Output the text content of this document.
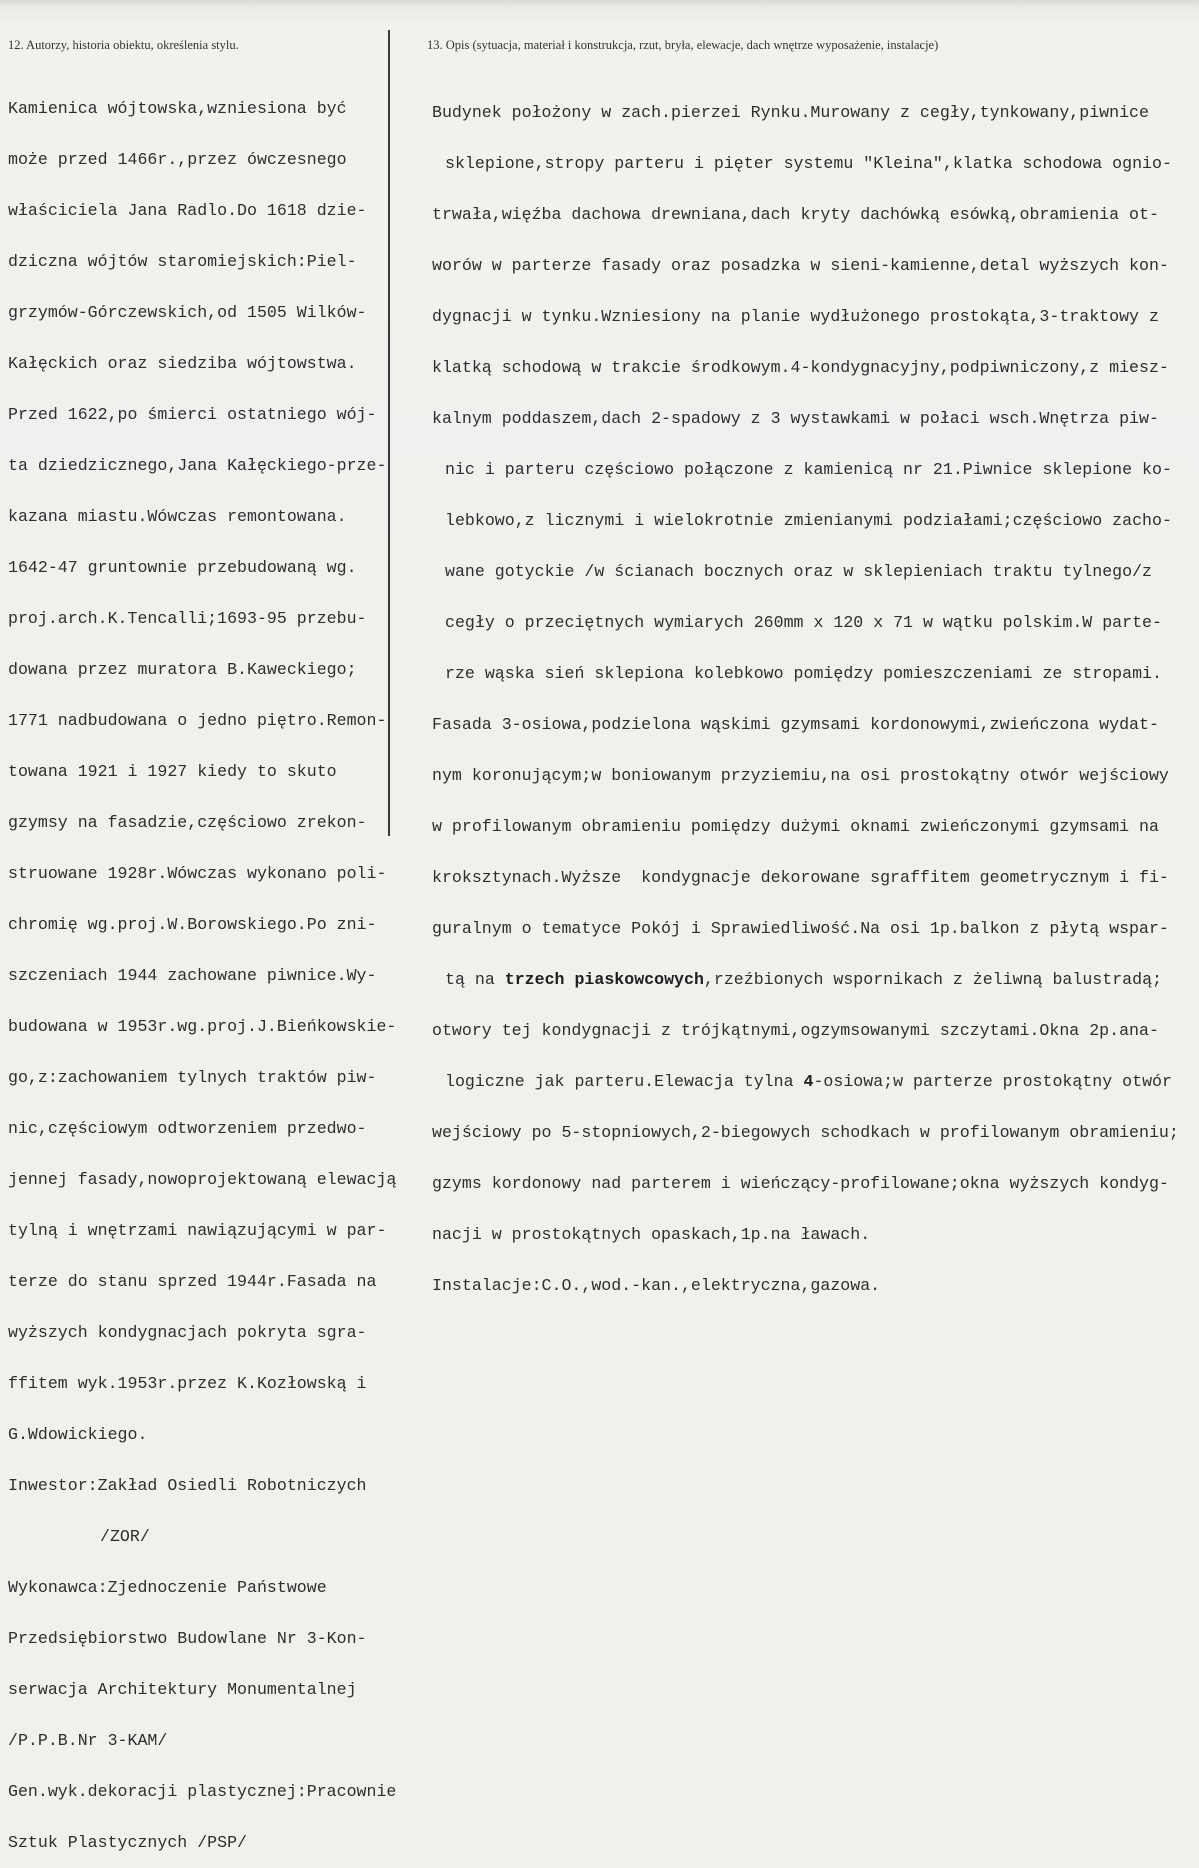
12. Autorzy, historia obiektu, określenia stylu.	13. Opis (sytuacja, materiał i konstrukcja, rzut, bryła, elewacje, dach wnętrze wyposażenie, instalacje)

Kamienica wójtowska,wzniesiona być

może przed 1466r.,przez ówczesnego

właściciela Jana Radlo.Do 1618 dzie-

dziczna wójtów staromiejskich:Piel-

grzymów-Górczewskich,od 1505 Wilków-

Kałęckich oraz siedziba wójtowstwa.

Przed 1622,po śmierci ostatniego wój-

ta dziedzicznego,Jana Kałęckiego-prze-

kazana miastu.Wówczas remontowana.

1642-47 gruntownie przebudowaną wg.

proj.arch.K.Tencalli;1693-95 przebu-

dowana przez muratora B.Kaweckiego;

1771 nadbudowana o jedno piętro.Remon-

towana 1921 i 1927 kiedy to skuto

gzymsy na fasadzie,częściowo zrekon-

struowane 1928r.Wówczas wykonano poli-

chromię wg.proj.W.Borowskiego.Po zni-

szczeniach 1944 zachowane piwnice.Wy-

budowana w 1953r.wg.proj.J.Bieńkowskie-

go,z:zachowaniem tylnych traktów piw-

nic,częściowym odtworzeniem przedwo-

jennej fasady,nowoprojektowaną elewacją

tylną i wnętrzami nawiązującymi w par-

terze do stanu sprzed 1944r.Fasada na

wyższych kondygnacjach pokryta sgra-

ffitem wyk.1953r.przez K.Kozłowską i

G.Wdowickiego.

Inwestor:Zakład Osiedli Robotniczych

/ZOR/

Wykonawca:Zjednoczenie Państwowe

Przedsiębiorstwo Budowlane Nr 3-Kon-

serwacja Architektury Monumentalnej

/P.P.B.Nr 3-KAM/

Gen.wyk.dekoracji plastycznej:Pracownie

Sztuk Plastycznych /PSP/

Budynek położony w zach.pierzei Rynku.Murowany z cegły,tynkowany,piwnice

sklepione,stropy parteru i pięter systemu "Kleina",klatka schodowa ognio-

trwała,więźba dachowa drewniana,dach kryty dachówką esówką,obramienia ot-

worów w parterze fasady oraz posadzka w sieni-kamienne,detal wyższych kon-

dygnacji w tynku.Wzniesiony na planie wydłużonego prostokąta,3-traktowy z

klatką schodową w trakcie środkowym.4-kondygnacyjny,podpiwniczony,z miesz-

kalnym poddaszem,dach 2-spadowy z 3 wystawkami w połaci wsch.Wnętrza piw-

nic i parteru częściowo połączone z kamienicą nr 21.Piwnice sklepione ko-

lebkowo,z licznymi i wielokrotnie zmienianymi podziałami;częściowo zacho-

wane gotyckie /w ścianach bocznych oraz w sklepieniach traktu tylnego/z

cegły o przeciętnych wymiarych 260mm x 120 x 71 w wątku polskim.W parte-

rze wąska sień sklepiona kolebkowo pomiędzy pomieszczeniami ze stropami.

Fasada 3-osiowa,podzielona wąskimi gzymsami kordonowymi,zwieńczona wydat-

nym koronującym;w boniowanym przyziemiu,na osi prostokątny otwór wejściowy

w profilowanym obramieniu pomiędzy dużymi oknami zwieńczonymi gzymsami na

kroksztynach.Wyższe  kondygnacje dekorowane sgraffitem geometrycznym i fi-

guralnym o tematyce Pokój i Sprawiedliwość.Na osi 1p.balkon z płytą wspar-

tą na trzech piaskowcowych,rzeźbionych wspornikach z żeliwną balustradą;

otwory tej kondygnacji z trójkątnymi,ogzymsowanymi szczytami.Okna 2p.ana-

logiczne jak parteru.Elewacja tylna 4-osiowa;w parterze prostokątny otwór

wejściowy po 5-stopniowych,2-biegowych schodkach w profilowanym obramieniu;

gzyms kordonowy nad parterem i wieńczący-profilowane;okna wyższych kondyg-

nacji w prostokątnych opaskach,1p.na ławach.

Instalacje:C.O.,wod.-kan.,elektryczna,gazowa.
